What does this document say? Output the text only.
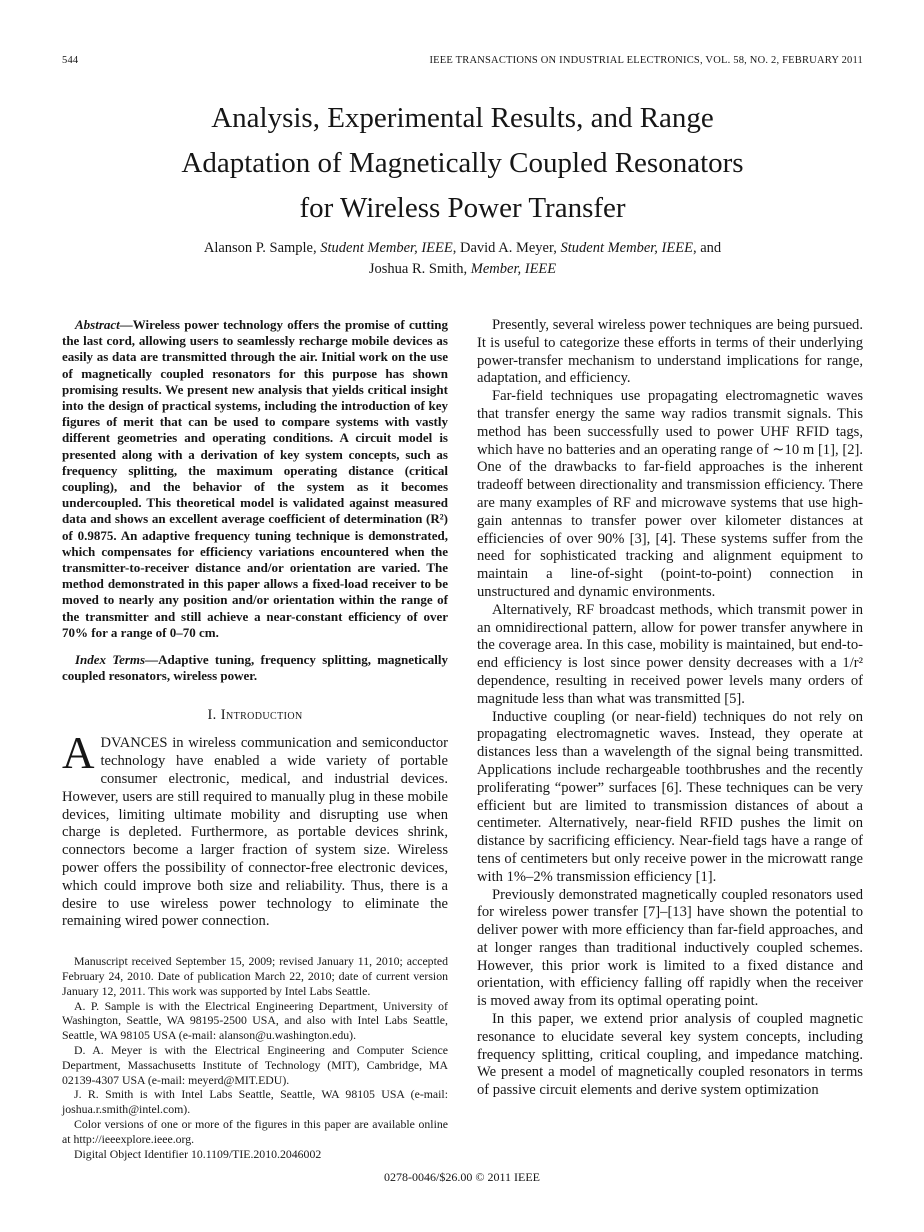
544	IEEE TRANSACTIONS ON INDUSTRIAL ELECTRONICS, VOL. 58, NO. 2, FEBRUARY 2011
Analysis, Experimental Results, and Range
Adaptation of Magnetically Coupled Resonators
for Wireless Power Transfer
Alanson P. Sample, Student Member, IEEE, David A. Meyer, Student Member, IEEE, and
Joshua R. Smith, Member, IEEE

Abstract—Wireless power technology offers the promise of cutting the last cord, allowing users to seamlessly recharge mobile devices as easily as data are transmitted through the air. Initial work on the use of magnetically coupled resonators for this purpose has shown promising results. We present new analysis that yields critical insight into the design of practical systems, including the introduction of key figures of merit that can be used to compare systems with vastly different geometries and operating conditions. A circuit model is presented along with a derivation of key system concepts, such as frequency splitting, the maximum operating distance (critical coupling), and the behavior of the system as it becomes undercoupled. This theoretical model is validated against measured data and shows an excellent average coefficient of determination (R²) of 0.9875. An adaptive frequency tuning technique is demonstrated, which compensates for efficiency variations encountered when the transmitter-to-receiver distance and/or orientation are varied. The method demonstrated in this paper allows a fixed-load receiver to be moved to nearly any position and/or orientation within the range of the transmitter and still achieve a near-constant efficiency of over 70% for a range of 0–70 cm.

Index Terms—Adaptive tuning, frequency splitting, magnetically coupled resonators, wireless power.

I. Introduction

ADVANCES in wireless communication and semiconductor technology have enabled a wide variety of portable consumer electronic, medical, and industrial devices. However, users are still required to manually plug in these mobile devices, limiting ultimate mobility and disrupting use when charge is depleted. Furthermore, as portable devices shrink, connectors become a larger fraction of system size. Wireless power offers the possibility of connector-free electronic devices, which could improve both size and reliability. Thus, there is a desire to use wireless power technology to eliminate the remaining wired power connection.

Manuscript received September 15, 2009; revised January 11, 2010; accepted February 24, 2010. Date of publication March 22, 2010; date of current version January 12, 2011. This work was supported by Intel Labs Seattle.

A. P. Sample is with the Electrical Engineering Department, University of Washington, Seattle, WA 98195-2500 USA, and also with Intel Labs Seattle, Seattle, WA 98105 USA (e-mail: alanson@u.washington.edu).

D. A. Meyer is with the Electrical Engineering and Computer Science Department, Massachusetts Institute of Technology (MIT), Cambridge, MA 02139-4307 USA (e-mail: meyerd@MIT.EDU).

J. R. Smith is with Intel Labs Seattle, Seattle, WA 98105 USA (e-mail: joshua.r.smith@intel.com).

Color versions of one or more of the figures in this paper are available online at http://ieeexplore.ieee.org.

Digital Object Identifier 10.1109/TIE.2010.2046002

Presently, several wireless power techniques are being pursued. It is useful to categorize these efforts in terms of their underlying power-transfer mechanism to understand implications for range, adaptation, and efficiency.

Far-field techniques use propagating electromagnetic waves that transfer energy the same way radios transmit signals. This method has been successfully used to power UHF RFID tags, which have no batteries and an operating range of ∼10 m [1], [2]. One of the drawbacks to far-field approaches is the inherent tradeoff between directionality and transmission efficiency. There are many examples of RF and microwave systems that use high-gain antennas to transfer power over kilometer distances at efficiencies of over 90% [3], [4]. These systems suffer from the need for sophisticated tracking and alignment equipment to maintain a line-of-sight (point-to-point) connection in unstructured and dynamic environments.

Alternatively, RF broadcast methods, which transmit power in an omnidirectional pattern, allow for power transfer anywhere in the coverage area. In this case, mobility is maintained, but end-to-end efficiency is lost since power density decreases with a 1/r² dependence, resulting in received power levels many orders of magnitude less than what was transmitted [5].

Inductive coupling (or near-field) techniques do not rely on propagating electromagnetic waves. Instead, they operate at distances less than a wavelength of the signal being transmitted. Applications include rechargeable toothbrushes and the recently proliferating “power” surfaces [6]. These techniques can be very efficient but are limited to transmission distances of about a centimeter. Alternatively, near-field RFID pushes the limit on distance by sacrificing efficiency. Near-field tags have a range of tens of centimeters but only receive power in the microwatt range with 1%–2% transmission efficiency [1].

Previously demonstrated magnetically coupled resonators used for wireless power transfer [7]–[13] have shown the potential to deliver power with more efficiency than far-field approaches, and at longer ranges than traditional inductively coupled schemes. However, this prior work is limited to a fixed distance and orientation, with efficiency falling off rapidly when the receiver is moved away from its optimal operating point.

In this paper, we extend prior analysis of coupled magnetic resonance to elucidate several key system concepts, including frequency splitting, critical coupling, and impedance matching. We present a model of magnetically coupled resonators in terms of passive circuit elements and derive system optimization

0278-0046/$26.00 © 2011 IEEE
